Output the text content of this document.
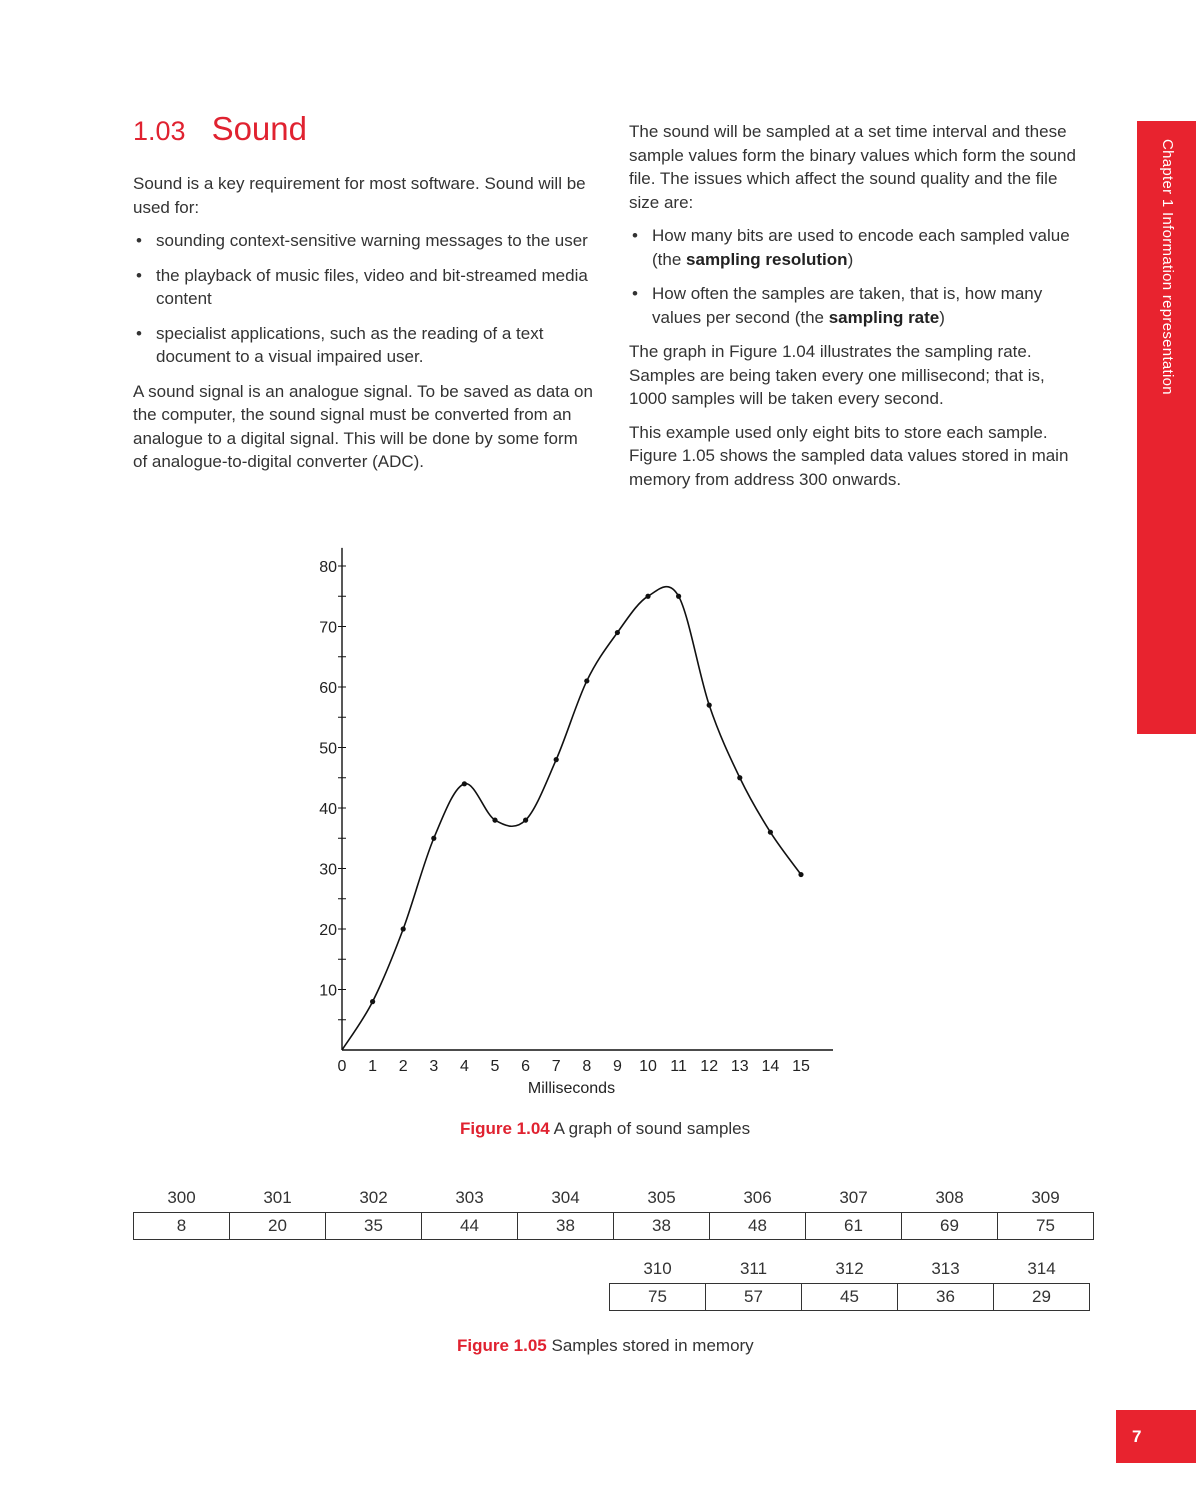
1.03 Sound

Sound is a key requirement for most software. Sound will be used for:

• sounding context-sensitive warning messages to the user
• the playback of music files, video and bit-streamed media content
• specialist applications, such as the reading of a text document to a visual impaired user.

A sound signal is an analogue signal. To be saved as data on the computer, the sound signal must be converted from an analogue to a digital signal. This will be done by some form of analogue-to-digital converter (ADC).

The sound will be sampled at a set time interval and these sample values form the binary values which form the sound file. The issues which affect the sound quality and the file size are:

• How many bits are used to encode each sampled value (the sampling resolution)
• How often the samples are taken, that is, how many values per second (the sampling rate)

The graph in Figure 1.04 illustrates the sampling rate. Samples are being taken every one millisecond; that is, 1000 samples will be taken every second.

This example used only eight bits to store each sample. Figure 1.05 shows the sampled data values stored in main memory from address 300 onwards.

Chapter 1 Information representation
10
20
30
40
50
60
70
80
0 1 2 3 4 5 6 7 8 9 10 11 12 13 14 15
Milliseconds
Figure 1.04 A graph of sound samples
300	301	302	303	304	305	306	307	308	309
8	20	35	44	38	38	48	61	69	75
310	311	312	313	314
75	57	45	36	29
Figure 1.05 Samples stored in memory
7
